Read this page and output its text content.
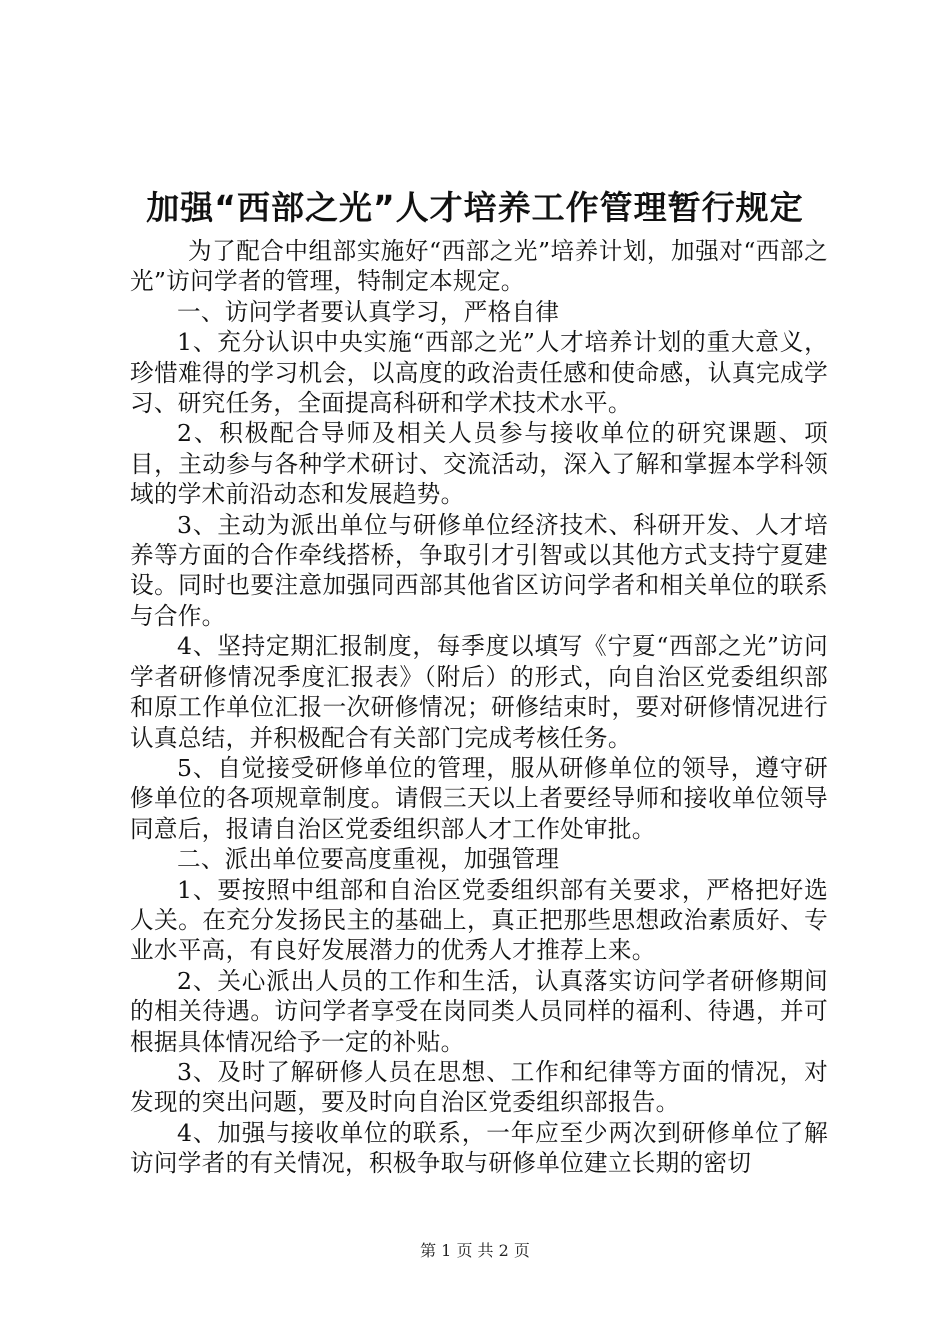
加强“西部之光”人才培养工作管理暂行规定

为了配合中组部实施好“西部之光”培养计划，加强对“西部之光”访问学者的管理，特制定本规定。

一、访问学者要认真学习，严格自律

1、充分认识中央实施“西部之光”人才培养计划的重大意义，珍惜难得的学习机会，以高度的政治责任感和使命感，认真完成学习、研究任务，全面提高科研和学术技术水平。

2、积极配合导师及相关人员参与接收单位的研究课题、项目，主动参与各种学术研讨、交流活动，深入了解和掌握本学科领域的学术前沿动态和发展趋势。

3、主动为派出单位与研修单位经济技术、科研开发、人才培养等方面的合作牵线搭桥，争取引才引智或以其他方式支持宁夏建设。同时也要注意加强同西部其他省区访问学者和相关单位的联系与合作。

4、坚持定期汇报制度，每季度以填写《宁夏“西部之光”访问学者研修情况季度汇报表》（附后）的形式，向自治区党委组织部和原工作单位汇报一次研修情况；研修结束时，要对研修情况进行认真总结，并积极配合有关部门完成考核任务。

5、自觉接受研修单位的管理，服从研修单位的领导，遵守研修单位的各项规章制度。请假三天以上者要经导师和接收单位领导同意后，报请自治区党委组织部人才工作处审批。

二、派出单位要高度重视，加强管理

1、要按照中组部和自治区党委组织部有关要求，严格把好选人关。在充分发扬民主的基础上，真正把那些思想政治素质好、专业水平高，有良好发展潜力的优秀人才推荐上来。

2、关心派出人员的工作和生活，认真落实访问学者研修期间的相关待遇。访问学者享受在岗同类人员同样的福利、待遇，并可根据具体情况给予一定的补贴。

3、及时了解研修人员在思想、工作和纪律等方面的情况，对发现的突出问题，要及时向自治区党委组织部报告。

4、加强与接收单位的联系，一年应至少两次到研修单位了解访问学者的有关情况，积极争取与研修单位建立长期的密切

第 1 页 共 2 页
